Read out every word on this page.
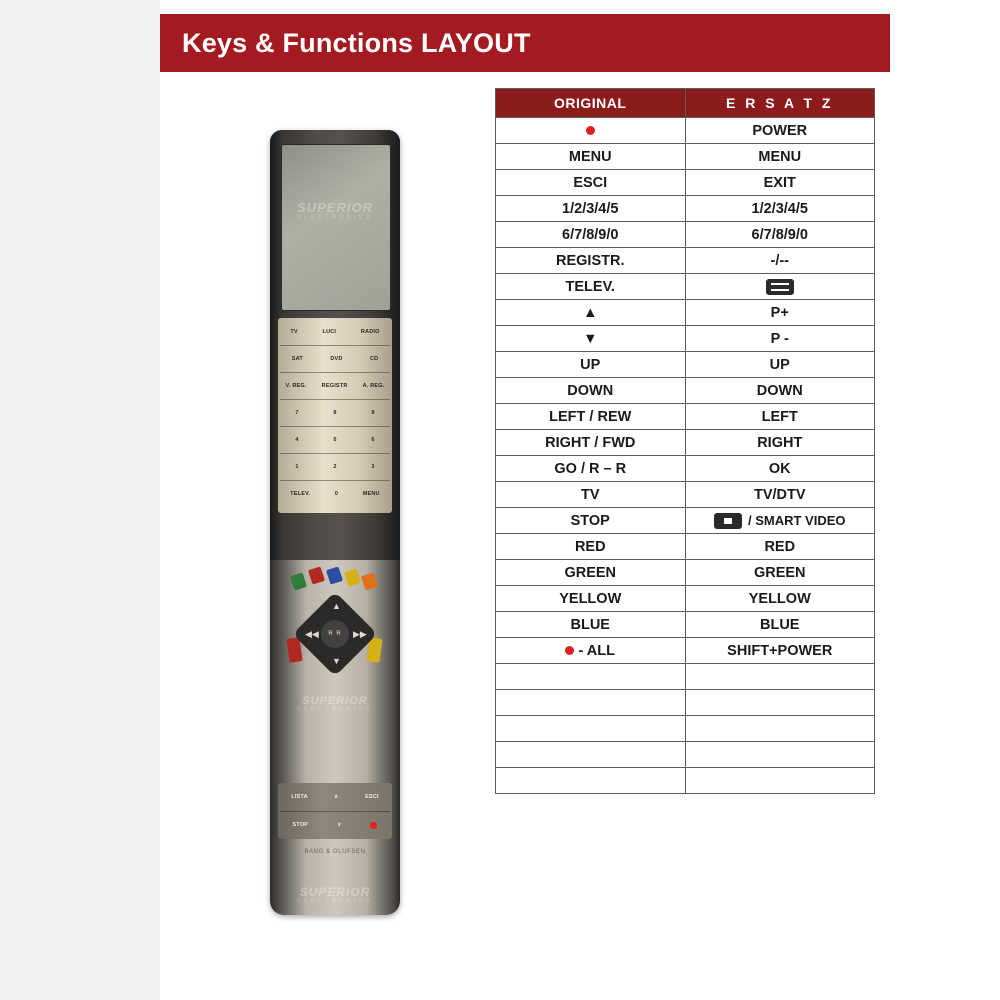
Keys & Functions LAYOUT
SUPERIOR
ELECTRONICS
TV	LUCI	RADIO
SAT	DVD	CD
V. REG.	REGISTR	A. REG.
7	8	9
4	5	6
1	2	3
TELEV.	0	MENU
▲
▼
◀◀	▶▶
R R
SUPERIOR
ELECTRONICS
LISTA	∧	ESCI
STOP	∨
SUPERIOR
ELECTRONICS
BANG & OLUFSEN
ORIGINAL	E R S A T Z
	POWER
MENU	MENU
ESCI	EXIT
1/2/3/4/5	1/2/3/4/5
6/7/8/9/0	6/7/8/9/0
REGISTR.	-/--
TELEV.	
▲	P+
▼	P -
UP	UP
DOWN	DOWN
LEFT / REW	LEFT
RIGHT / FWD	RIGHT
GO / R – R	OK
TV	TV/DTV
STOP	/ SMART VIDEO

RED	RED
GREEN	GREEN
YELLOW	YELLOW
BLUE	BLUE

- ALL	SHIFT+POWER
